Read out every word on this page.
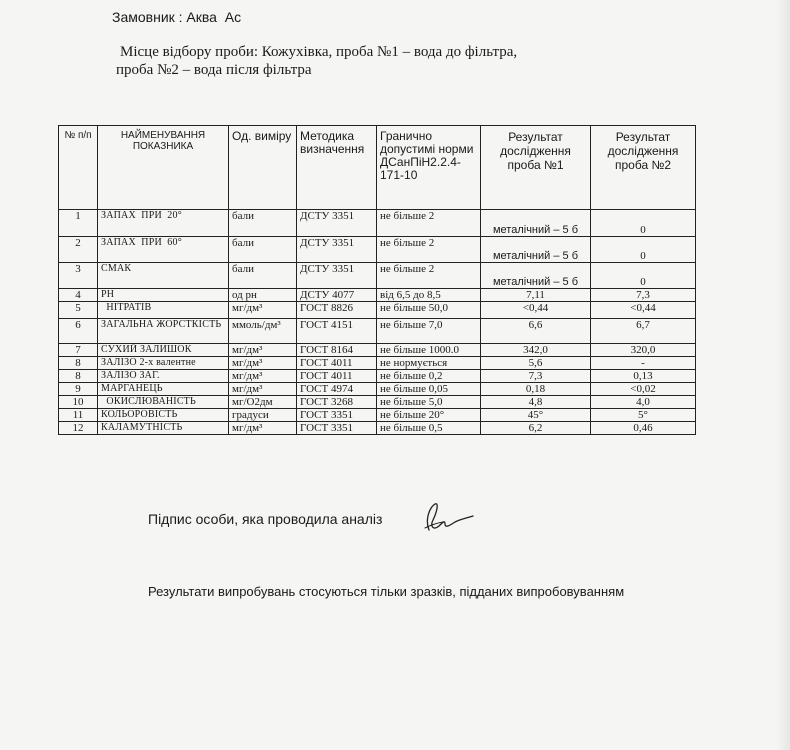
Замовник : Аква  Ас
Місце відбору проби: Кожухівка, проба №1 – вода до фільтра,
проба №2 – вода після фільтра
№ п/п	НАЙМЕНУВАННЯ ПОКАЗНИКА	Од. виміру	Методика визначення	Гранично допустимі норми ДСанПіН2.2.4-171-10	Результат дослідження проба №1	Результат дослідження проба №2
1	ЗАПАХ  ПРИ  20°	бали	ДСТУ 3351	не більше 2	металічний – 5 б	0
2	ЗАПАХ  ПРИ  60°	бали	ДСТУ 3351	не більше 2	металічний – 5 б	0
3	СМАК	бали	ДСТУ 3351	не більше 2	металічний – 5 б	0
4	РН	од рн	ДСТУ 4077	від 6,5 до 8,5	7,11	7,3
5	НІТРАТІВ	мг/дм³	ГОСТ 8826	не більше 50,0	<0,44	<0,44
6	ЗАГАЛЬНА ЖОРСТКІСТЬ	ммоль/дм³	ГОСТ 4151	не більше 7,0	6,6	6,7
7	СУХИЙ ЗАЛИШОК	мг/дм³	ГОСТ 8164	не більше 1000.0	342,0	320,0
8	ЗАЛІЗО 2-х валентне	мг/дм³	ГОСТ 4011	не нормується	5,6	-
8	ЗАЛІЗО ЗАГ.	мг/дм³	ГОСТ 4011	не більше 0,2	7,3	0,13
9	МАРГАНЕЦЬ	мг/дм³	ГОСТ 4974	не більше 0,05	0,18	<0,02
10	ОКИСЛЮВАНІСТЬ	мг/О2дм	ГОСТ 3268	не більше 5,0	4,8	4,0
11	КОЛЬОРОВІСТЬ	градуси	ГОСТ 3351	не більше 20°	45°	5°
12	КАЛАМУТНІСТЬ	мг/дм³	ГОСТ 3351	не більше 0,5	6,2	0,46
Підпис особи, яка проводила аналіз
Результати випробувань стосуються тільки зразків, підданих випробовуванням
